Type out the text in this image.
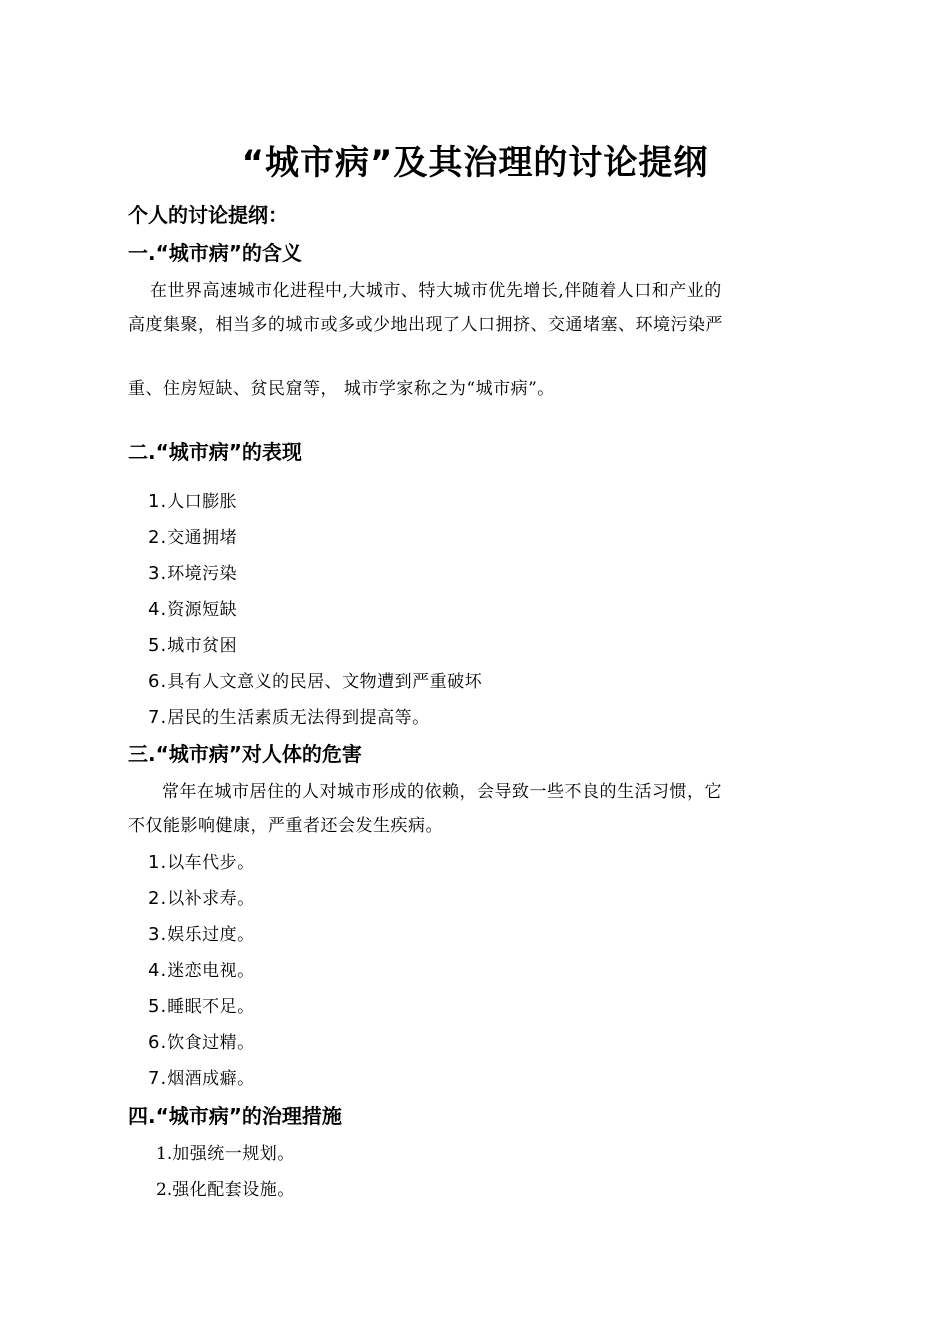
“城市病”及其治理的讨论提纲
个人的讨论提纲：
一.“城市病”的含义
在世界高速城市化进程中,大城市、特大城市优先增长,伴随着人口和产业的
高度集聚，相当多的城市或多或少地出现了人口拥挤、交通堵塞、环境污染严
重、住房短缺、贫民窟等， 城市学家称之为“城市病”。
二.“城市病”的表现
1.人口膨胀
2.交通拥堵
3.环境污染
4.资源短缺
5.城市贫困
6.具有人文意义的民居、文物遭到严重破坏
7.居民的生活素质无法得到提高等。
三.“城市病”对人体的危害
常年在城市居住的人对城市形成的依赖，会导致一些不良的生活习惯，它
不仅能影响健康，严重者还会发生疾病。
1.以车代步。
2.以补求寿。
3.娱乐过度。
4.迷恋电视。
5.睡眠不足。
6.饮食过精。
7.烟酒成癖。
四.“城市病”的治理措施
1.加强统一规划。
2.强化配套设施。
